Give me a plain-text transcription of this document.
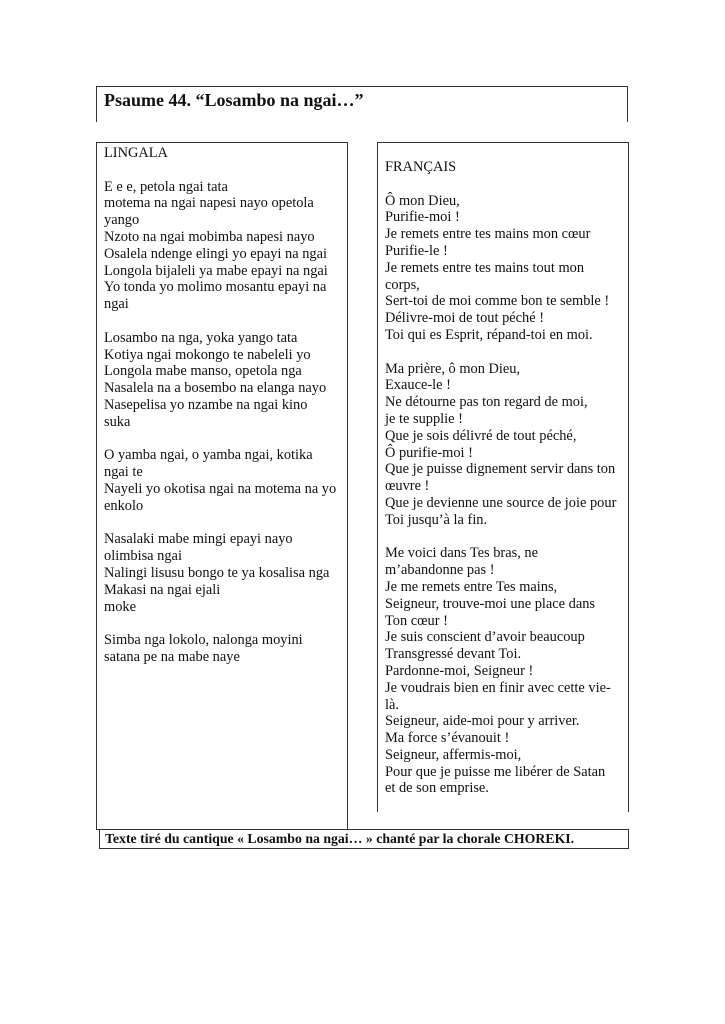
Psaume 44. “Losambo na ngai…”
LINGALA
E e e, petola ngai tata
motema na ngai napesi nayo opetola
yango
Nzoto na ngai mobimba napesi nayo
Osalela ndenge elingi yo epayi na ngai
Longola bijaleli ya mabe epayi na ngai
Yo tonda yo molimo mosantu epayi na
ngai
Losambo na nga, yoka yango tata
Kotiya ngai mokongo te nabeleli yo
Longola mabe manso, opetola nga
Nasalela na a bosembo na elanga nayo
Nasepelisa yo nzambe na ngai kino
suka
O yamba ngai, o yamba ngai, kotika
ngai te
Nayeli yo okotisa ngai na motema na yo
enkolo
Nasalaki mabe mingi epayi nayo
olimbisa ngai
Nalingi lisusu bongo te ya kosalisa nga
Makasi na ngai ejali
moke
Simba nga lokolo, nalonga moyini
satana pe na mabe naye
FRANÇAIS
Ô mon Dieu,
Purifie-moi !
Je remets entre tes mains mon cœur
Purifie-le !
Je remets entre tes mains tout mon
corps,
Sert-toi de moi comme bon te semble !
Délivre-moi de tout péché !
Toi qui es Esprit, répand-toi en moi.
Ma prière, ô mon Dieu,
Exauce-le !
Ne détourne pas ton regard de moi,
je te supplie !
Que je sois délivré de tout péché,
Ô purifie-moi !
Que je puisse dignement servir dans ton
œuvre !
Que je devienne une source de joie pour
Toi jusqu’à la fin.
Me voici dans Tes bras, ne
m’abandonne pas !
Je me remets entre Tes mains,
Seigneur, trouve-moi une place dans
Ton cœur !
Je suis conscient d’avoir beaucoup
Transgressé devant Toi.
Pardonne-moi, Seigneur !
Je voudrais bien en finir avec cette vie-
là.
Seigneur, aide-moi pour y arriver.
Ma force s’évanouit !
Seigneur, affermis-moi,
Pour que je puisse me libérer de Satan
et de son emprise.
Texte tiré du cantique « Losambo na ngai… » chanté par la chorale CHOREKI.
